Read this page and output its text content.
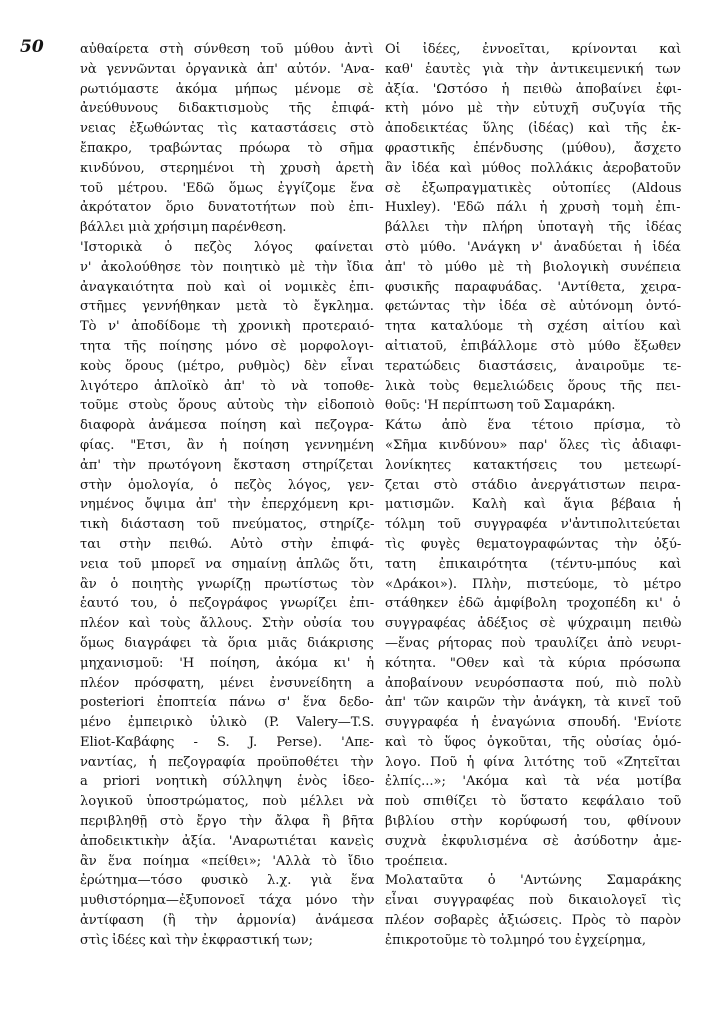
50	αὐθαίρετα στὴ σύνθεση τοῦ μύθου ἀντὶ
νὰ γεννῶνται ὀργανικὰ ἀπ' αὐτόν. 'Ανα-
ρωτιόμαστε ἀκόμα μήπως μένομε σὲ
ἀνεύθυνους διδακτισμοὺς τῆς ἐπιφά-
νειας ἐξωθώντας τὶς καταστάσεις στὸ
ἔπακρο, τραβώντας πρόωρα τὸ σῆμα
κινδύνου, στερημένοι τὴ χρυσὴ ἀρετὴ
τοῦ μέτρου. 'Εδῶ ὅμως ἐγγίζομε ἕνα
ἀκρότατον ὅριο δυνατοτήτων ποὺ ἐπι-
βάλλει μιὰ χρήσιμη παρένθεση.
'Ιστορικὰ ὁ πεζὸς λόγος φαίνεται
ν' ἀκολούθησε τὸν ποιητικὸ μὲ τὴν ἴδια
ἀναγκαιότητα ποὺ καὶ οἱ νομικὲς ἐπι-
στῆμες γεννήθηκαν μετὰ τὸ ἔγκλημα.
Τὸ ν' ἀποδίδομε τὴ χρονικὴ προτεραιό-
τητα τῆς ποίησης μόνο σὲ μορφολογι-
κοὺς ὅρους (μέτρο, ρυθμὸς) δὲν εἶναι
λιγότερο ἁπλοϊκὸ ἀπ' τὸ νὰ τοποθε-
τοῦμε στοὺς ὅρους αὐτοὺς τὴν εἰδοποιὸ
διαφορὰ ἀνάμεσα ποίηση καὶ πεζογρα-
φίας. "Ετσι, ἂν ἡ ποίηση γεννημένη
ἀπ' τὴν πρωτόγονη ἔκσταση στηρίζεται
στὴν ὁμολογία, ὁ πεζὸς λόγος, γεν-
νημένος ὄψιμα ἀπ' τὴν ἐπερχόμενη κρι-
τικὴ διάσταση τοῦ πνεύματος, στηρίζε-
ται στὴν πειθώ. Αὐτὸ στὴν ἐπιφά-
νεια τοῦ μπορεῖ να σημαίνῃ ἁπλῶς ὅτι,
ἂν ὁ ποιητὴς γνωρίζῃ πρωτίστως τὸν
ἑαυτό του, ὁ πεζογράφος γνωρίζει ἐπι-
πλέον καὶ τοὺς ἄλλους. Στὴν οὐσία του
ὅμως διαγράφει τὰ ὅρια μιᾶς διάκρισης
μηχανισμοῦ: 'Η ποίηση, ἀκόμα κι' ἡ
πλέον πρόσφατη, μένει ἐνσυνείδητη a
posteriori ἐποπτεία πάνω σ' ἕνα δεδο-
μένο ἐμπειρικὸ ὑλικὸ (P. Valery—T.S.
Eliot-Καβάφης - S. J. Perse). 'Απε-
ναντίας, ἡ πεζογραφία προϋποθέτει τὴν
a priori νοητικὴ σύλληψη ἑνὸς ἰδεο-
λογικοῦ ὑποστρώματος, ποὺ μέλλει νὰ
περιβληθῇ στὸ ἔργο τὴν ἄλφα ἢ βῆτα
ἀποδεικτικὴν ἀξία. 'Αναρωτιέται κανεὶς
ἂν ἕνα ποίημα «πείθει»; 'Αλλὰ τὸ ἴδιο
ἐρώτημα—τόσο φυσικὸ λ.χ. γιὰ ἕνα
μυθιστόρημα—ἐξυπονοεῖ τάχα μόνο τὴν
ἀντίφαση (ἢ τὴν ἁρμονία) ἀνάμεσα
στὶς ἰδέες καὶ τὴν ἐκφραστική των;
Οἱ ἰδέες, ἐννοεῖται, κρίνονται καὶ
καθ' ἑαυτὲς γιὰ τὴν ἀντικειμενική των
ἀξία. 'Ωστόσο ἡ πειθὼ ἀποβαίνει ἐφι-
κτὴ μόνο μὲ τὴν εὐτυχῆ συζυγία τῆς
ἀποδεικτέας ὕλης (ἰδέας) καὶ τῆς ἐκ-
φραστικῆς ἐπένδυσης (μύθου), ἄσχετο
ἂν ἰδέα καὶ μύθος πολλάκις ἀεροβατοῦν
σὲ ἐξωπραγματικὲς οὐτοπίες (Aldous
Huxley). 'Εδῶ πάλι ἡ χρυσὴ τομὴ ἐπι-
βάλλει τὴν πλήρη ὑποταγὴ τῆς ἰδέας
στὸ μύθο. 'Ανάγκη ν' ἀναδύεται ἡ ἰδέα
ἀπ' τὸ μύθο μὲ τὴ βιολογικὴ συνέπεια
φυσικῆς παραφυάδας. 'Αντίθετα, χειρα-
φετώντας τὴν ἰδέα σὲ αὐτόνομη ὀντό-
τητα καταλύομε τὴ σχέση αἰτίου καὶ
αἰτιατοῦ, ἐπιβάλλομε στὸ μύθο ἔξωθεν
τερατώδεις διαστάσεις, ἀναιροῦμε τε-
λικὰ τοὺς θεμελιώδεις ὅρους τῆς πει-
θοῦς: 'Η περίπτωση τοῦ Σαμαράκη.
Κάτω ἀπὸ ἕνα τέτοιο πρίσμα, τὸ
«Σῆμα κινδύνου» παρ' ὅλες τὶς ἀδιαφι-
λονίκητες κατακτήσεις του μετεωρί-
ζεται στὸ στάδιο ἀνεργάτιστων πειρα-
ματισμῶν. Καλὴ καὶ ἅγια βέβαια ἡ
τόλμη τοῦ συγγραφέα ν'ἀντιπολιτεύεται
τὶς φυγὲς θεματογραφώντας τὴν ὀξύ-
τατη ἐπικαιρότητα (τέντυ-μπόυς καὶ
«Δράκοι»). Πλὴν, πιστεύομε, τὸ μέτρο
στάθηκεν ἐδῶ ἀμφίβολη τροχοπέδη κι' ὁ
συγγραφέας ἀδέξιος σὲ ψύχραιμη πειθὼ
—ἕνας ρήτορας ποὺ τραυλίζει ἀπὸ νευρι-
κότητα. "Οθεν καὶ τὰ κύρια πρόσωπα
ἀποβαίνουν νευρόσπαστα πού, πιὸ πολὺ
ἀπ' τῶν καιρῶν τὴν ἀνάγκη, τὰ κινεῖ τοῦ
συγγραφέα ἡ ἐναγώνια σπουδή. 'Ενίοτε
καὶ τὸ ὕφος ὀγκοῦται, τῆς οὐσίας ὁμό-
λογο. Ποῦ ἡ φίνα λιτότης τοῦ «Ζητεῖται
ἐλπίς...»; 'Ακόμα καὶ τὰ νέα μοτίβα
ποὺ σπιθίζει τὸ ὕστατο κεφάλαιο τοῦ
βιβλίου στὴν κορύφωσή του, φθίνουν
συχνὰ ἐκφυλισμένα σὲ ἀσύδοτην ἀμε-
τροέπεια.
Μολαταῦτα ὁ 'Αντώνης Σαμαράκης
εἶναι συγγραφέας ποὺ δικαιολογεῖ τὶς
πλέον σοβαρὲς ἀξιώσεις. Πρὸς τὸ παρὸν
ἐπικροτοῦμε τὸ τολμηρό του ἐγχείρημα,
